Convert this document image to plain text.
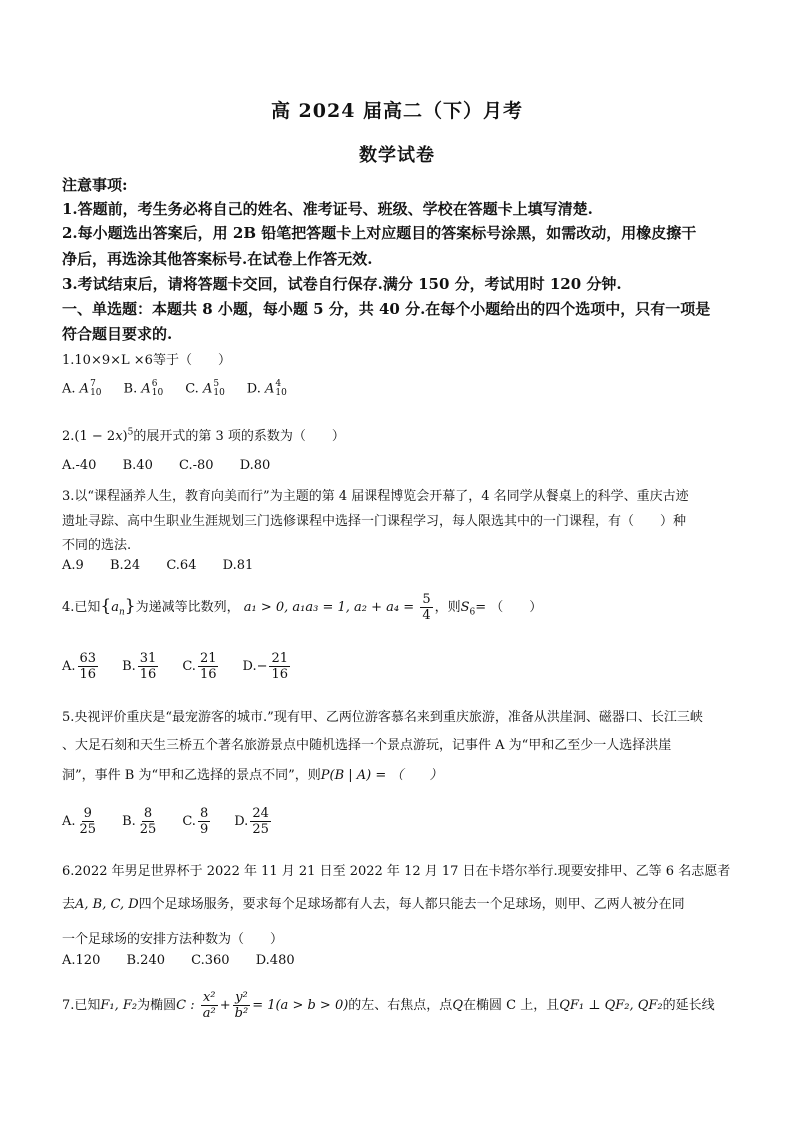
高 2024 届高二（下）月考
数学试卷
注意事项:
1.答题前，考生务必将自己的姓名、准考证号、班级、学校在答题卡上填写清楚.
2.每小题选出答案后，用 2B 铅笔把答题卡上对应题目的答案标号涂黑，如需改动，用橡皮擦干
净后，再选涂其他答案标号.在试卷上作答无效.
3.考试结束后，请将答题卡交回，试卷自行保存.满分 150 分，考试用时 120 分钟.
一、单选题：本题共 8 小题，每小题 5 分，共 40 分.在每个小题给出的四个选项中，只有一项是
符合题目要求的.
1.10×9×L ×6等于（　　）
A. A 7
10 B. A 6
10 C. A 5
10 D. A 4
10
$2.(1 - 2x)^5$的展开式的第 3 项的系数为（　　）
A.-40 B.40 C.-80 D.80
3.以“课程涵养人生，教育向美而行”为主题的第 4 届课程博览会开幕了，4 名同学从餐桌上的科学、重庆古迹
遗址寻踪、高中生职业生涯规划三门选修课程中选择一门课程学习，每人限选其中的一门课程，有（　　）种
不同的选法.
A.9 B.24 C.64 D.81
4.已知$\{a_n\}$为递减等比数列， a₁ > 0, a₁a₃ = 1, $a_2 + a_4 = \frac{5}{4}$ ，则$S_6=$ （　　）
A. $\frac{63}{16} B$. $\frac{31}{16} C$. $\frac{21}{16} D.- \frac{21}{16}$
5.央视评价重庆是“最宠游客的城市.”现有甲、乙两位游客慕名来到重庆旅游，准备从洪崖洞、磁器口、长江三峡
、大足石刻和天生三桥五个著名旅游景点中随机选择一个景点游玩，记事件 A 为“甲和乙至少一人选择洪崖
洞”，事件 B 为“甲和乙选择的景点不同”，则P(B | A) = （　　）
A. $\frac{9}{25} B$. $\frac{8}{25} C$. $\frac{8}{9} D$. $\frac{24}{25}$
6.2022 年男足世界杯于 2022 年 11 月 21 日至 2022 年 12 月 17 日在卡塔尔举行.现要安排甲、乙等 6 名志愿者
去A, B, C, D四个足球场服务，要求每个足球场都有人去，每人都只能去一个足球场，则甲、乙两人被分在同
一个足球场的安排方法种数为（　　）
A.120 B.240 C.360 D.480
7.已知F₁, F₂为椭圆C : $\frac{\text{x²}}{\text{a²}} + \frac{\text{y²}}{\text{b²}} = 1(a > b > 0)$的左、右焦点，点Q在椭圆 C 上，且QF₁ ⊥ QF₂, QF₂的延长线
